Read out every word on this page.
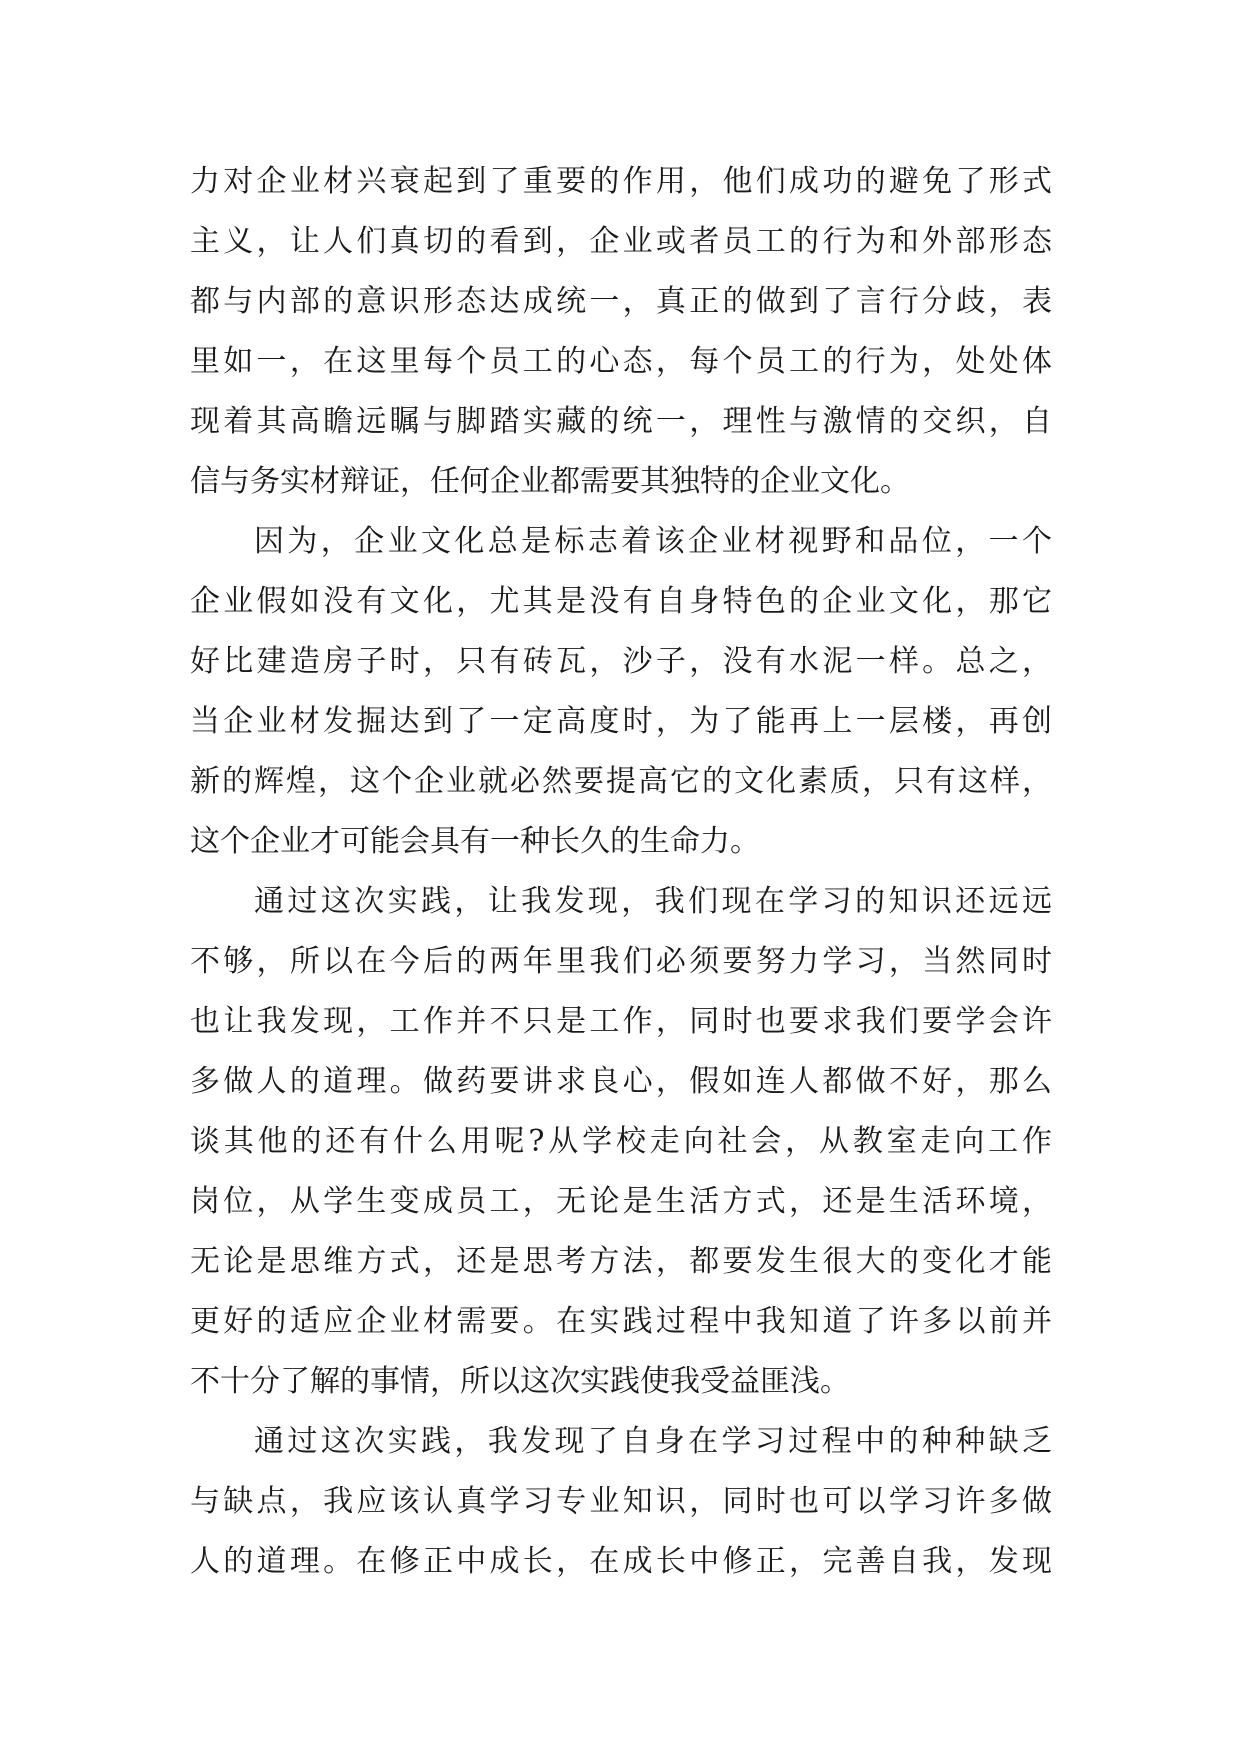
力对企业材兴衰起到了重要的作用，他们成功的避免了形式
主义，让人们真切的看到，企业或者员工的行为和外部形态
都与内部的意识形态达成统一，真正的做到了言行分歧，表
里如一，在这里每个员工的心态，每个员工的行为，处处体
现着其高瞻远瞩与脚踏实藏的统一，理性与激情的交织，自
信与务实材辩证，任何企业都需要其独特的企业文化。
因为，企业文化总是标志着该企业材视野和品位，一个
企业假如没有文化，尤其是没有自身特色的企业文化，那它
好比建造房子时，只有砖瓦，沙子，没有水泥一样。总之，
当企业材发掘达到了一定高度时，为了能再上一层楼，再创
新的辉煌，这个企业就必然要提高它的文化素质，只有这样，
这个企业才可能会具有一种长久的生命力。
通过这次实践，让我发现，我们现在学习的知识还远远
不够，所以在今后的两年里我们必须要努力学习，当然同时
也让我发现，工作并不只是工作，同时也要求我们要学会许
多做人的道理。做药要讲求良心，假如连人都做不好，那么
谈其他的还有什么用呢?从学校走向社会，从教室走向工作
岗位，从学生变成员工，无论是生活方式，还是生活环境，
无论是思维方式，还是思考方法，都要发生很大的变化才能
更好的适应企业材需要。在实践过程中我知道了许多以前并
不十分了解的事情，所以这次实践使我受益匪浅。
通过这次实践，我发现了自身在学习过程中的种种缺乏
与缺点，我应该认真学习专业知识，同时也可以学习许多做
人的道理。在修正中成长，在成长中修正，完善自我，发现
